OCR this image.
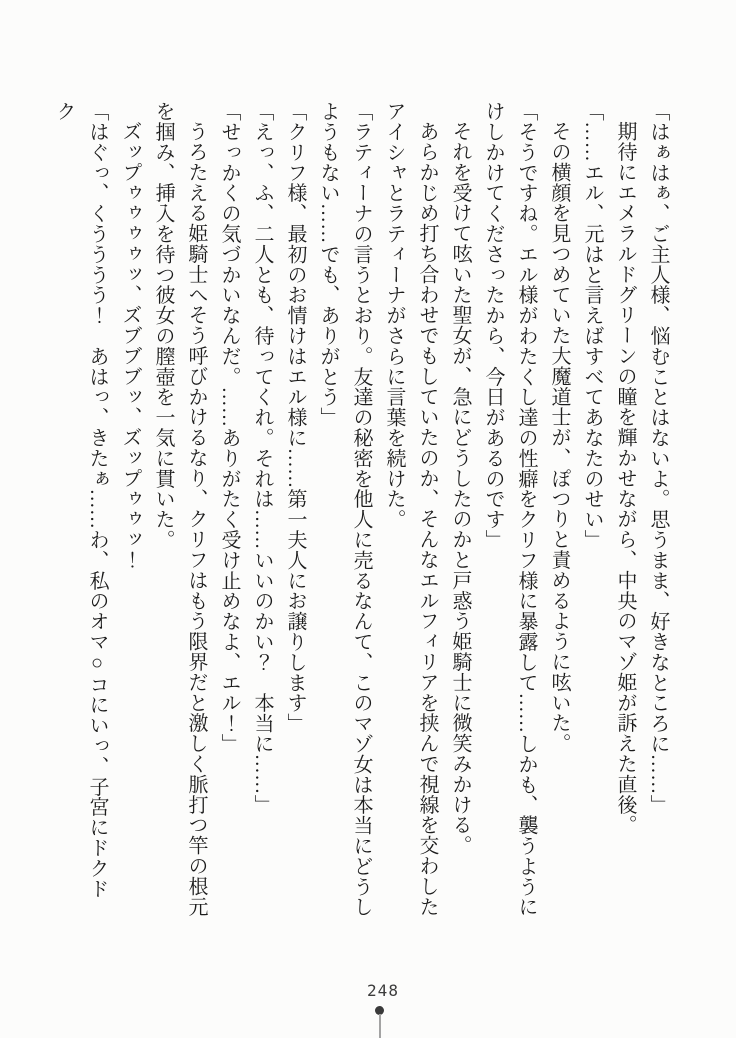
「はぁはぁ、ご主人様、悩むことはないよ。思うまま、好きなところに……」

期待にエメラルドグリーンの瞳を輝かせながら、中央のマゾ姫が訴えた直後。

「……エル、元はと言えばすべてあなたのせい」

その横顔を見つめていた大魔道士が、ぽつりと責めるように呟いた。

「そうですね。エル様がわたくし達の性癖をクリフ様に暴露して……しかも、襲うようにけしかけてくださったから、今日があるのです」

それを受けて呟いた聖女が、急にどうしたのかと戸惑う姫騎士に微笑みかける。

あらかじめ打ち合わせでもしていたのか、そんなエルフィリアを挟んで視線を交わしたアイシャとラティーナがさらに言葉を続けた。

「ラティーナの言うとおり。友達の秘密を他人に売るなんて、このマゾ女は本当にどうしようもない……でも、ありがとう」

「クリフ様、最初のお情けはエル様に……第一夫人にお譲りします」

「えっ、ふ、二人とも、待ってくれ。それは……いいのかい？　本当に……」

「せっかくの気づかいなんだ。……ありがたく受け止めなよ、エル！」

うろたえる姫騎士へそう呼びかけるなり、クリフはもう限界だと激しく脈打つ竿の根元を掴み、挿入を待つ彼女の膣壺を一気に貫いた。

ズップゥゥゥゥッ、ズブブブッ、ズップゥゥッ！

「はぐっ、くうううう！　あはっ、きたぁ……わ、私のオマ○コにいっ、子宮にドクドク

248
